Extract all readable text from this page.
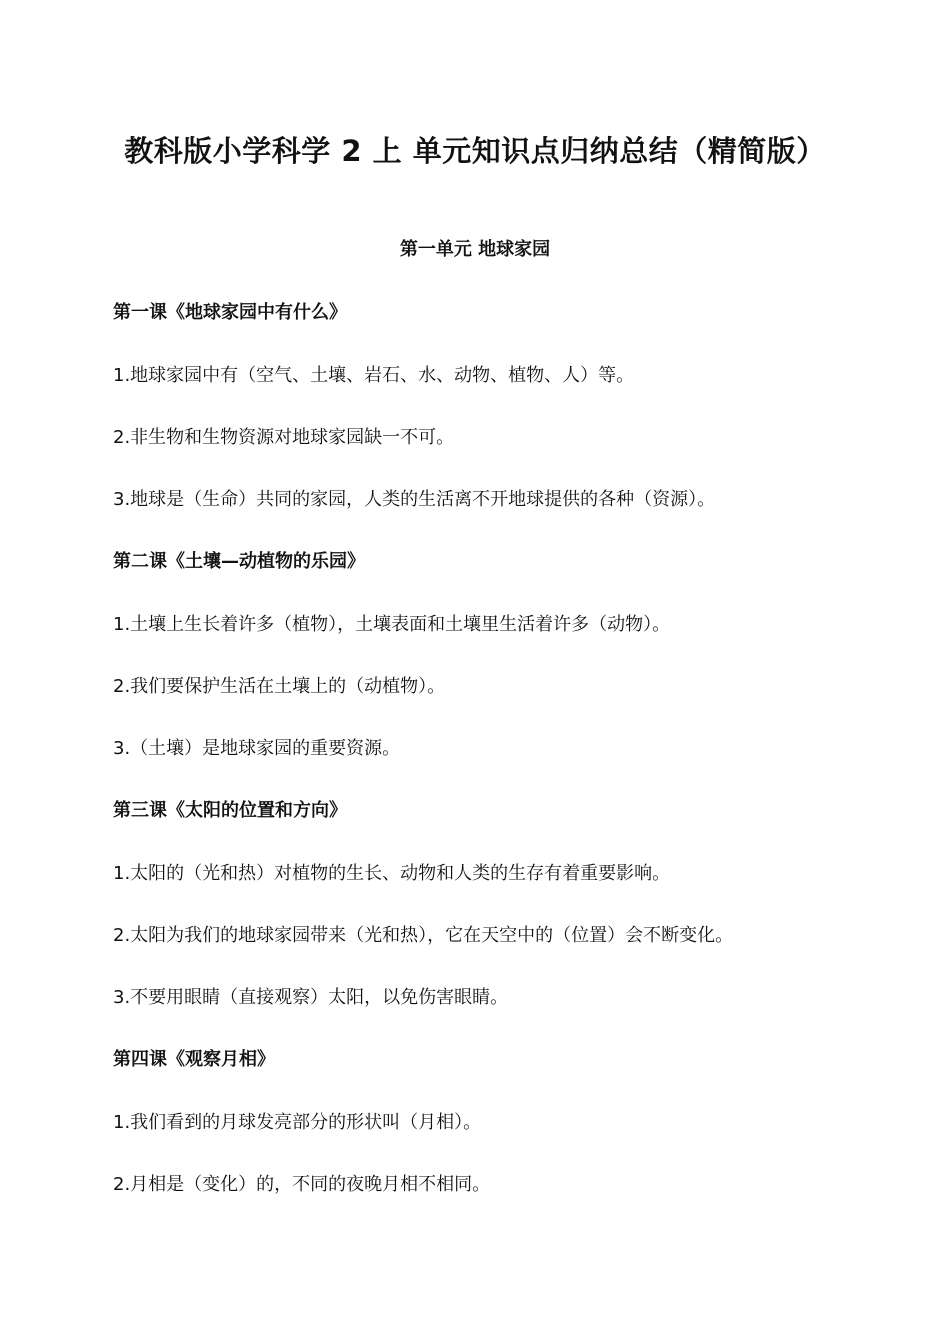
教科版小学科学 2 上 单元知识点归纳总结（精简版）
第一单元 地球家园

第一课《地球家园中有什么》

1.地球家园中有（空气、土壤、岩石、水、动物、植物、人）等。

2.非生物和生物资源对地球家园缺一不可。

3.地球是（生命）共同的家园，人类的生活离不开地球提供的各种（资源）。

第二课《土壤—动植物的乐园》

1.土壤上生长着许多（植物），土壤表面和土壤里生活着许多（动物）。

2.我们要保护生活在土壤上的（动植物）。

3.（土壤）是地球家园的重要资源。

第三课《太阳的位置和方向》

1.太阳的（光和热）对植物的生长、动物和人类的生存有着重要影响。

2.太阳为我们的地球家园带来（光和热），它在天空中的（位置）会不断变化。

3.不要用眼睛（直接观察）太阳，以免伤害眼睛。

第四课《观察月相》

1.我们看到的月球发亮部分的形状叫（月相）。

2.月相是（变化）的，不同的夜晚月相不相同。
